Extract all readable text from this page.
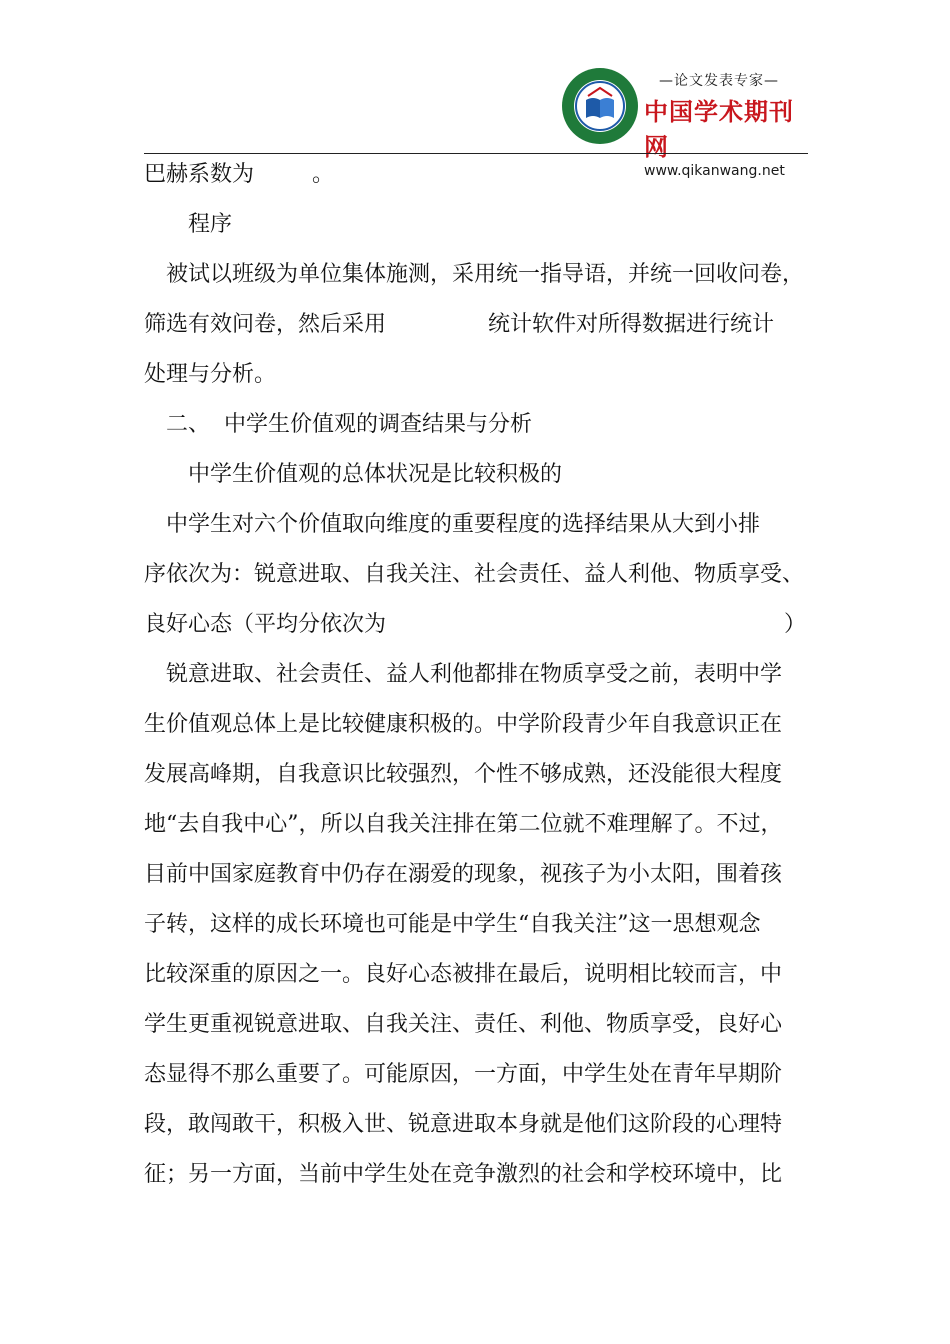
—论文发表专家—
中国学术期刊网
www.qikanwang.net
巴赫系数为	。
程序
被试以班级为单位集体施测，采用统一指导语，并统一回收问卷，
筛选有效问卷，然后采用	统计软件对所得数据进行统计
处理与分析。
二、 中学生价值观的调查结果与分析
中学生价值观的总体状况是比较积极的
中学生对六个价值取向维度的重要程度的选择结果从大到小排
序依次为：锐意进取、自我关注、社会责任、益人利他、物质享受、
良好心态（平均分依次为	）
锐意进取、社会责任、益人利他都排在物质享受之前，表明中学
生价值观总体上是比较健康积极的。中学阶段青少年自我意识正在
发展高峰期，自我意识比较强烈，个性不够成熟，还没能很大程度
地“去自我中心”，所以自我关注排在第二位就不难理解了。不过，
目前中国家庭教育中仍存在溺爱的现象，视孩子为小太阳，围着孩
子转，这样的成长环境也可能是中学生“自我关注”这一思想观念
比较深重的原因之一。良好心态被排在最后，说明相比较而言，中
学生更重视锐意进取、自我关注、责任、利他、物质享受，良好心
态显得不那么重要了。可能原因，一方面，中学生处在青年早期阶
段，敢闯敢干，积极入世、锐意进取本身就是他们这阶段的心理特
征；另一方面，当前中学生处在竞争激烈的社会和学校环境中，比
